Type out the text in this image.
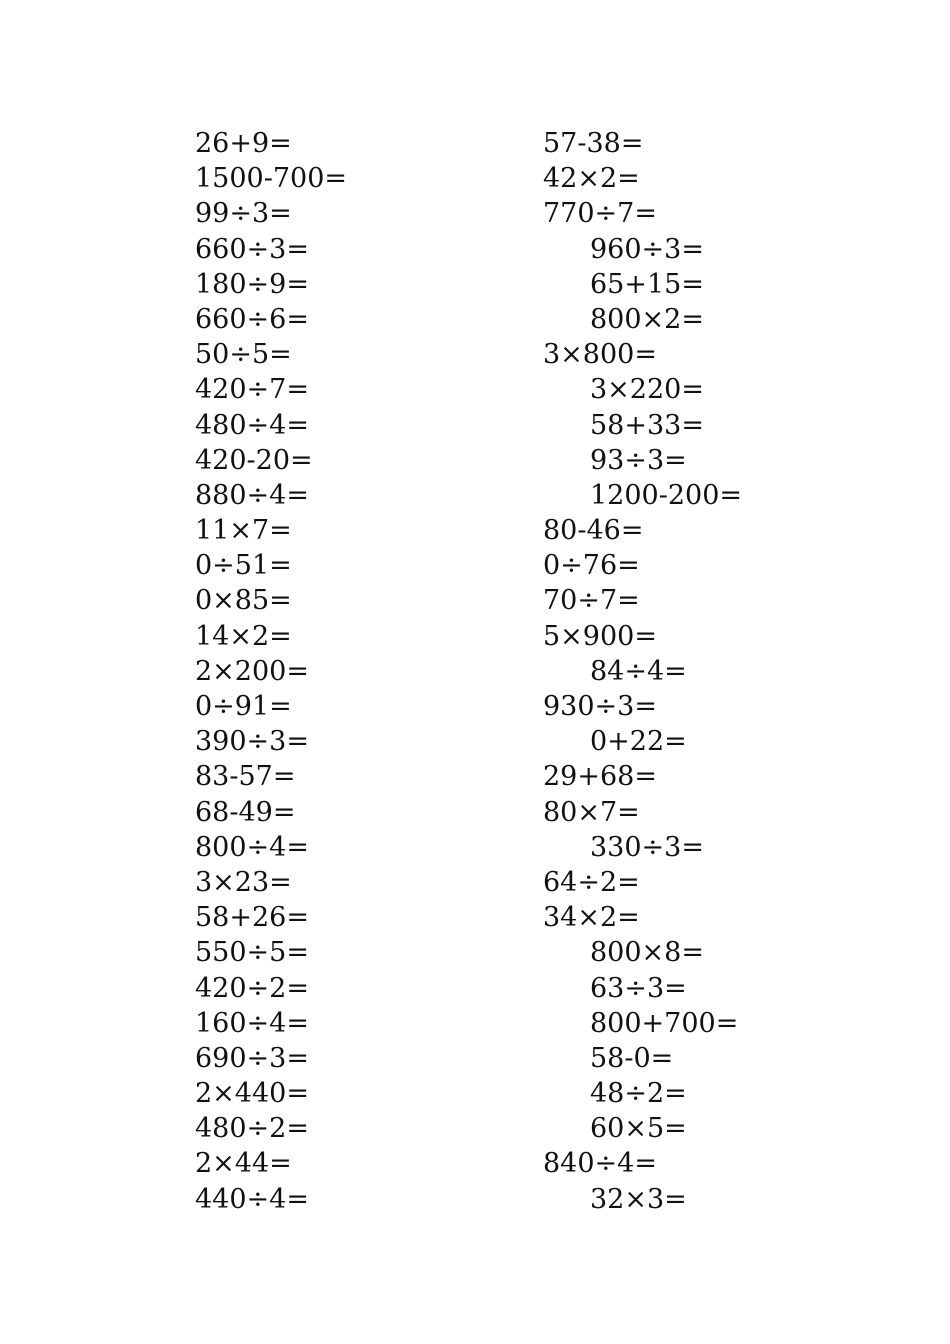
26+9=
1500-700=
99÷3=
660÷3=
180÷9=
660÷6=
50÷5=
420÷7=
480÷4=
420-20=
880÷4=
11×7=
0÷51=
0×85=
14×2=
2×200=
0÷91=
390÷3=
83-57=
68-49=
800÷4=
3×23=
58+26=
550÷5=
420÷2=
160÷4=
690÷3=
2×440=
480÷2=
2×44=
440÷4=
57-38=
42×2=
770÷7=
960÷3=
65+15=
800×2=
3×800=
3×220=
58+33=
93÷3=
1200-200=
80-46=
0÷76=
70÷7=
5×900=
84÷4=
930÷3=
0+22=
29+68=
80×7=
330÷3=
64÷2=
34×2=
800×8=
63÷3=
800+700=
58-0=
48÷2=
60×5=
840÷4=
32×3=
